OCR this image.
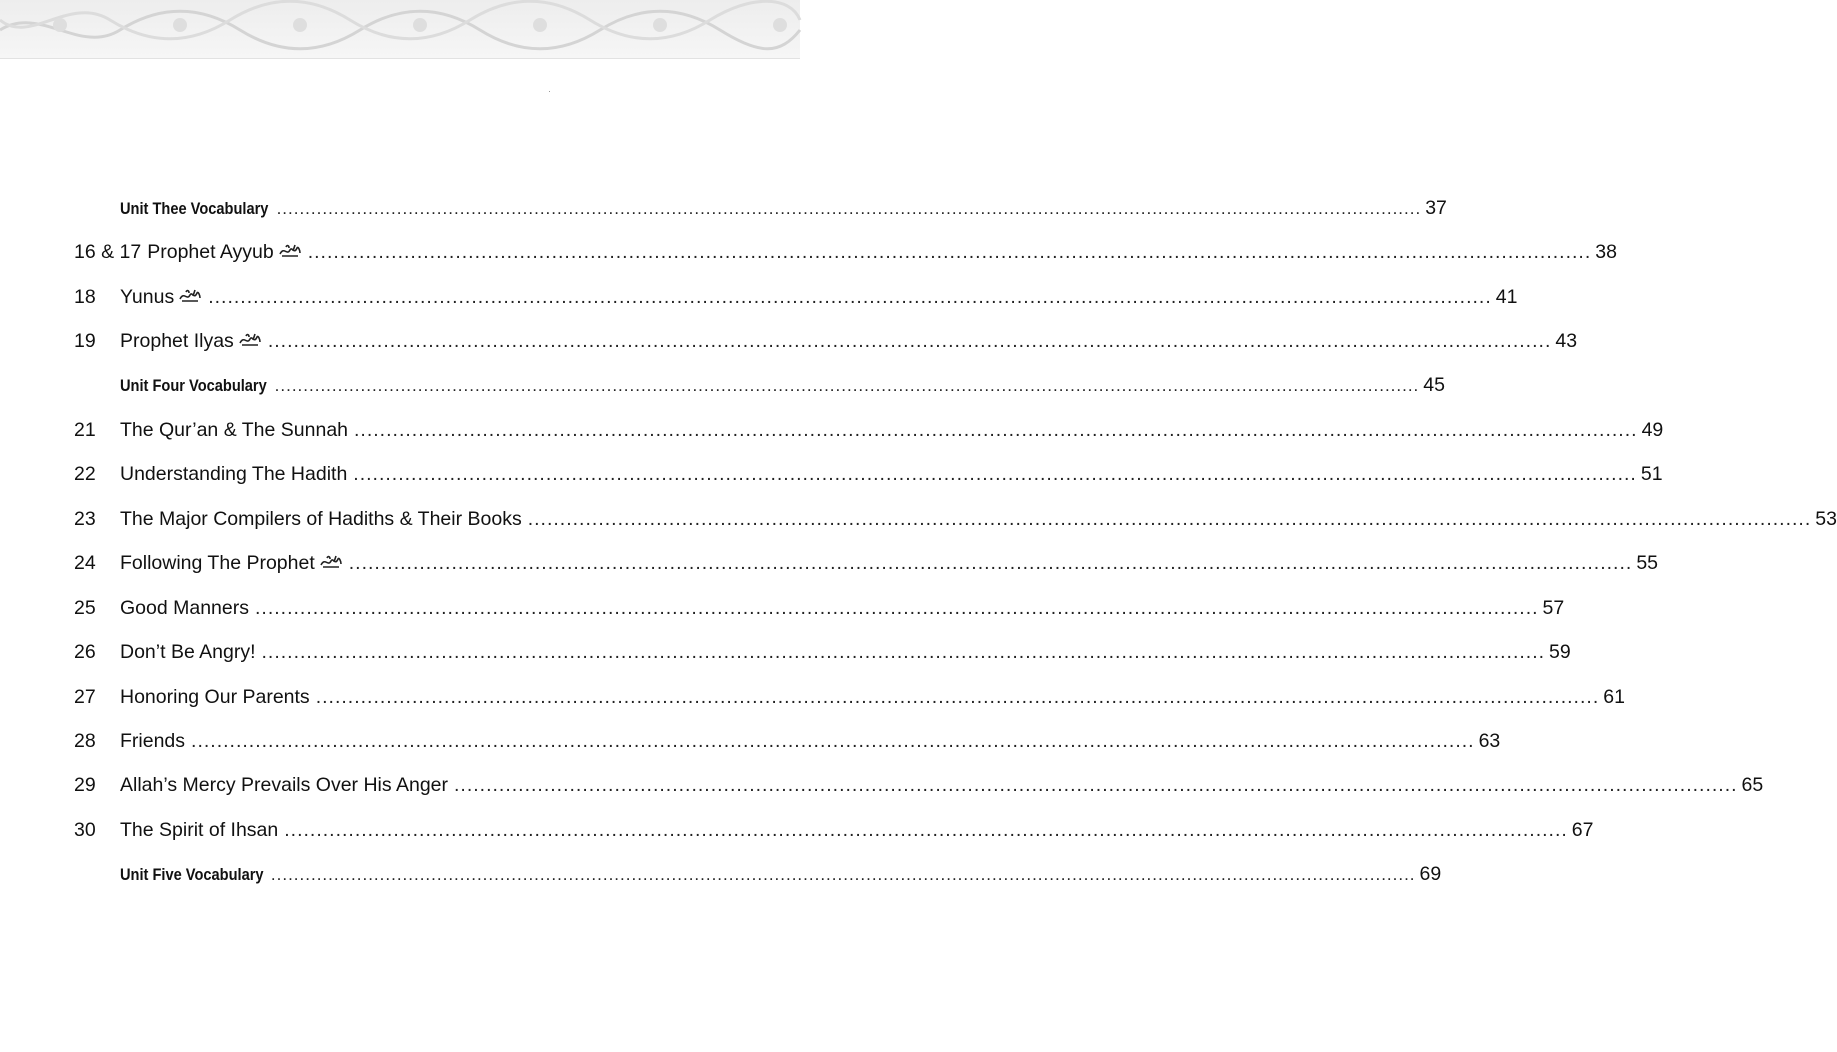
Unit Thee Vocabulary ........................................................................................................................................................................................................ 37
16 & 17 Prophet Ayyub ........................................................................................................................................................................................................ 38
18	Yunus ........................................................................................................................................................................................................ 41
19	Prophet Ilyas ........................................................................................................................................................................................................ 43
Unit Four Vocabulary ........................................................................................................................................................................................................ 45
21	The Qur’an & The Sunnah ........................................................................................................................................................................................................ 49
22	Understanding The Hadith ........................................................................................................................................................................................................ 51
23	The Major Compilers of Hadiths & Their Books ........................................................................................................................................................................................................ 53
24	Following The Prophet ........................................................................................................................................................................................................ 55
25	Good Manners ........................................................................................................................................................................................................ 57
26	Don’t Be Angry! ........................................................................................................................................................................................................ 59
27	Honoring Our Parents ........................................................................................................................................................................................................ 61
28	Friends ........................................................................................................................................................................................................ 63
29	Allah’s Mercy Prevails Over His Anger ........................................................................................................................................................................................................ 65
30	The Spirit of Ihsan ........................................................................................................................................................................................................ 67
Unit Five Vocabulary ........................................................................................................................................................................................................ 69
